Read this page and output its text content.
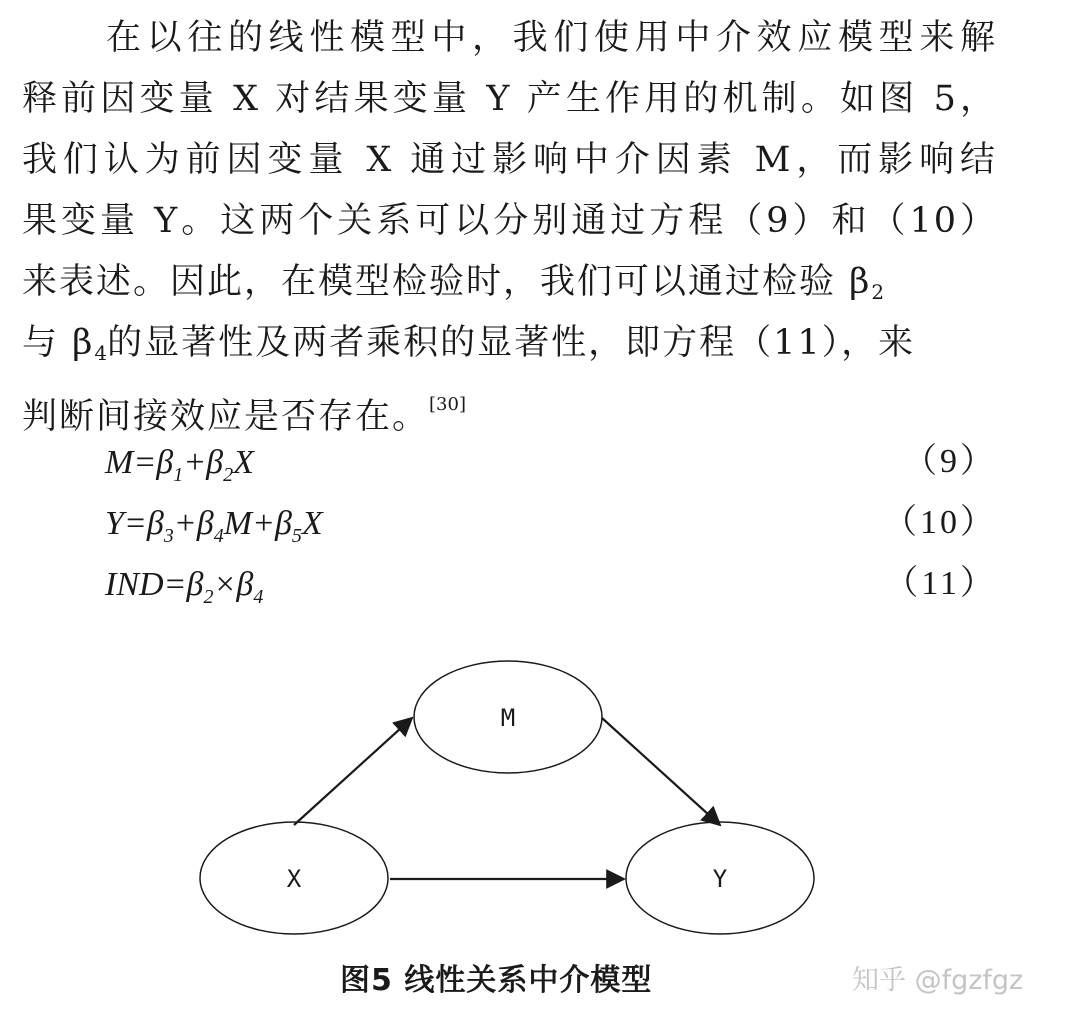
在以往的线性模型中，我们使用中介效应模型来解
释前因变量 X 对结果变量 Y 产生作用的机制。如图 5，
我们认为前因变量 X 通过影响中介因素 M，而影响结
果变量 Y。这两个关系可以分别通过方程（9）和（10）
来表述。因此，在模型检验时，我们可以通过检验 $\beta_2$
与 $\beta_4$的显著性及两者乘积的显著性，即方程（11），来
判断间接效应是否存在。[30]
$M=\beta_1+\beta_2X$	（9）
$Y=\beta_3+\beta_4M+\beta_5X$	（10）
$IND=\beta_2\times\beta_4$	（11）
M
X	Y
图5 线性关系中介模型	知乎 @fgzfgz
